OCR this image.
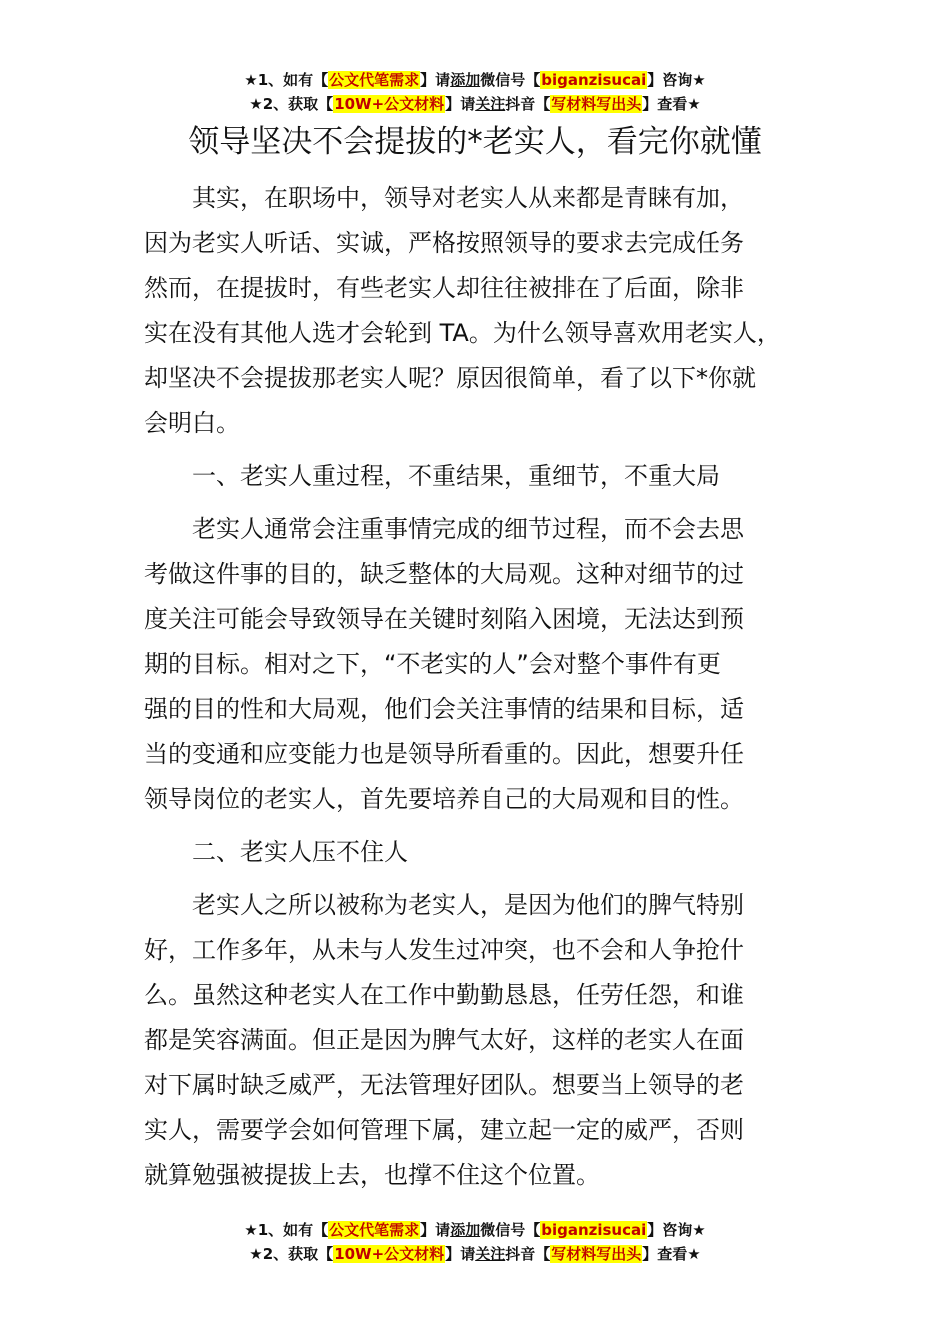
★1、如有【公文代笔需求】请添加微信号【biganzisucai】咨询★
★2、获取【10W+公文材料】请关注抖音【写材料写出头】查看★
领导坚决不会提拔的*老实人，看完你就懂
其实，在职场中，领导对老实人从来都是青睐有加，
因为老实人听话、实诚，严格按照领导的要求去完成任务
然而，在提拔时，有些老实人却往往被排在了后面，除非
实在没有其他人选才会轮到 TA。为什么领导喜欢用老实人，
却坚决不会提拔那老实人呢？原因很简单，看了以下*你就
会明白。
一、老实人重过程，不重结果，重细节，不重大局
老实人通常会注重事情完成的细节过程，而不会去思
考做这件事的目的，缺乏整体的大局观。这种对细节的过
度关注可能会导致领导在关键时刻陷入困境，无法达到预
期的目标。相对之下，“不老实的人”会对整个事件有更
强的目的性和大局观，他们会关注事情的结果和目标，适
当的变通和应变能力也是领导所看重的。因此，想要升任
领导岗位的老实人，首先要培养自己的大局观和目的性。
二、老实人压不住人
老实人之所以被称为老实人，是因为他们的脾气特别
好，工作多年，从未与人发生过冲突，也不会和人争抢什
么。虽然这种老实人在工作中勤勤恳恳，任劳任怨，和谁
都是笑容满面。但正是因为脾气太好，这样的老实人在面
对下属时缺乏威严，无法管理好团队。想要当上领导的老
实人，需要学会如何管理下属，建立起一定的威严，否则
就算勉强被提拔上去，也撑不住这个位置。
★1、如有【公文代笔需求】请添加微信号【biganzisucai】咨询★
★2、获取【10W+公文材料】请关注抖音【写材料写出头】查看★
